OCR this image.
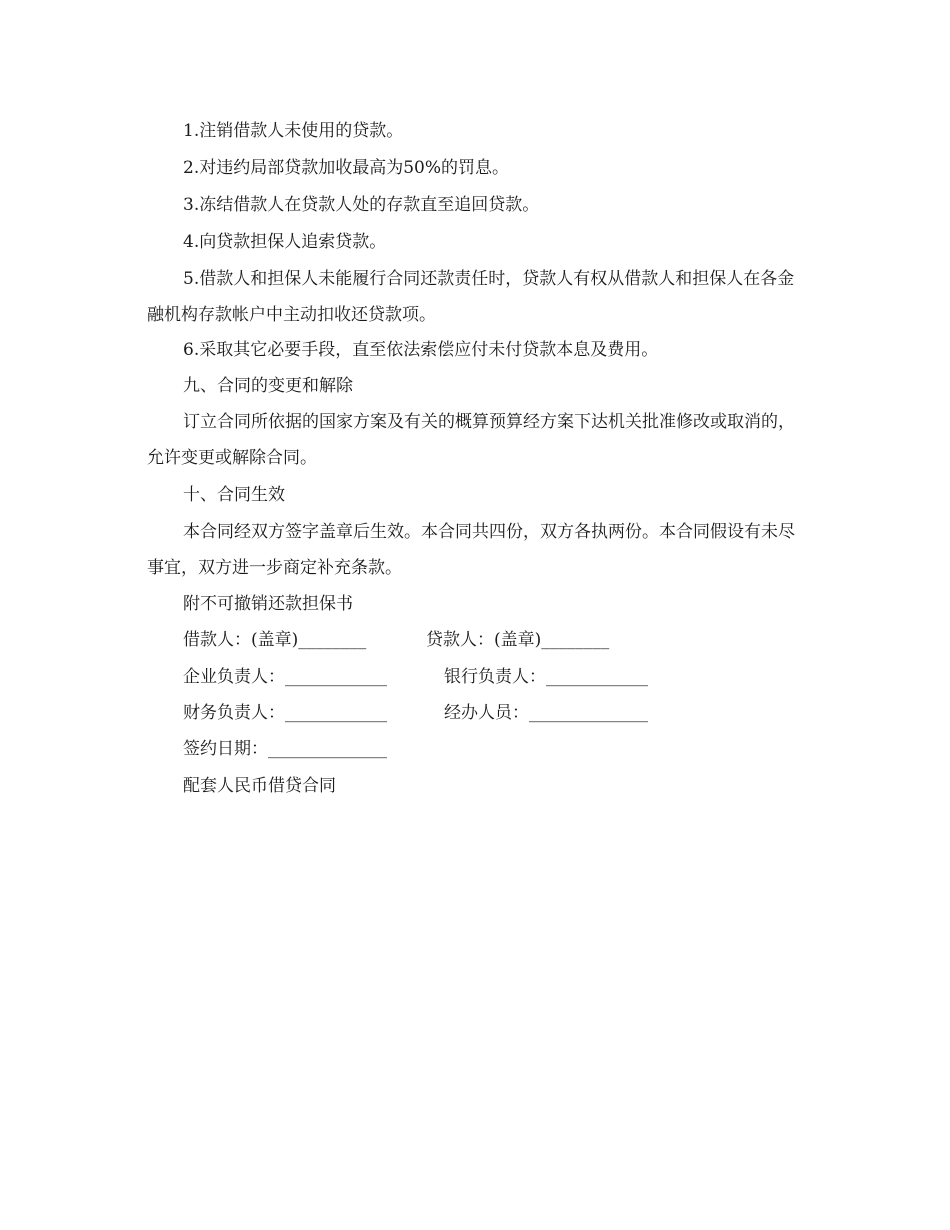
1.注销借款人未使用的贷款。

2.对违约局部贷款加收最高为50%的罚息。

3.冻结借款人在贷款人处的存款直至追回贷款。

4.向贷款担保人追索贷款。

5.借款人和担保人未能履行合同还款责任时，贷款人有权从借款人和担保人在各金融机构存款帐户中主动扣收还贷款项。

6.采取其它必要手段，直至依法索偿应付未付贷款本息及费用。

九、合同的变更和解除

订立合同所依据的国家方案及有关的概算预算经方案下达机关批准修改或取消的，允许变更或解除合同。

十、合同生效

本合同经双方签字盖章后生效。本合同共四份，双方各执两份。本合同假设有未尽事宜，双方进一步商定补充条款。

附不可撤销还款担保书

借款人：(盖章)________	贷款人：(盖章)________
企业负责人：____________	银行负责人：____________
财务负责人：____________	经办人员：______________
签约日期：______________

配套人民币借贷合同
